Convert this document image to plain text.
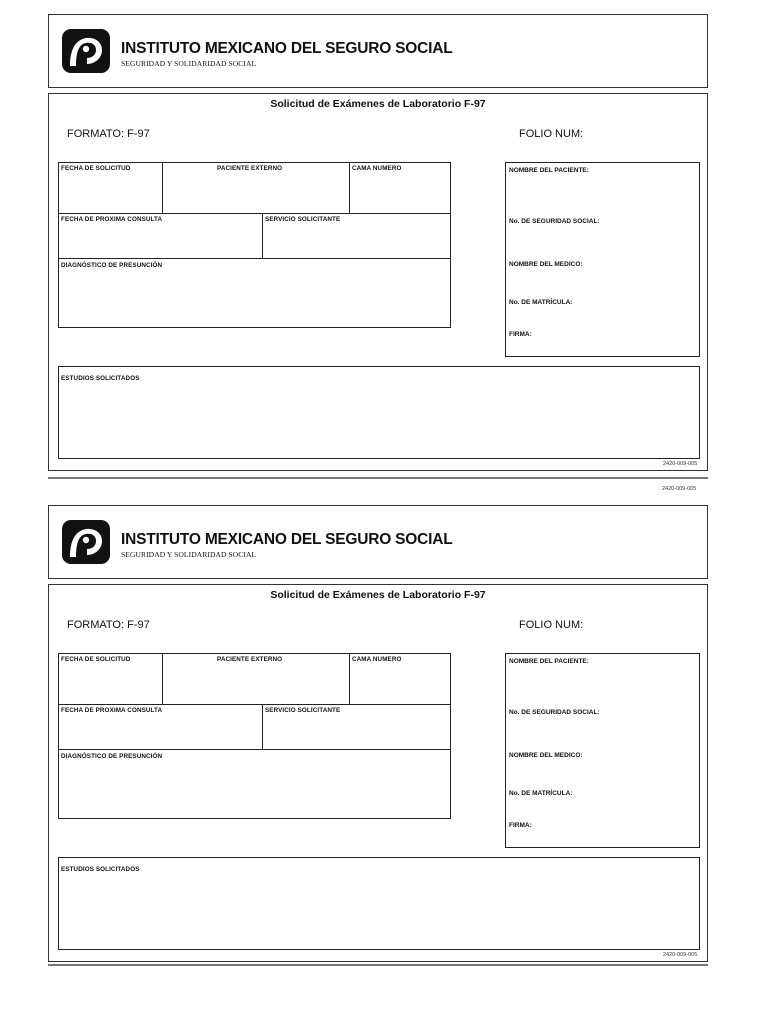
INSTITUTO MEXICANO DEL SEGURO SOCIAL
SEGURIDAD Y SOLIDARIDAD SOCIAL
Solicitud de Exámenes de Laboratorio F-97
FORMATO: F-97	FOLIO NUM:
FECHA DE SOLICITUD	PACIENTE EXTERNO	CAMA NUMERO
FECHA DE PROXIMA CONSULTA	SERVICIO SOLICITANTE
DIAGNÓSTICO DE PRESUNCIÓN
NOMBRE DEL PACIENTE:
No. DE SEGURIDAD SOCIAL:
NOMBRE DEL MEDICO:
No. DE MATRÍCULA:
FIRMA:
ESTUDIOS SOLICITADOS
2420-009-005
2420-009-005
INSTITUTO MEXICANO DEL SEGURO SOCIAL
SEGURIDAD Y SOLIDARIDAD SOCIAL
Solicitud de Exámenes de Laboratorio F-97
FORMATO: F-97	FOLIO NUM:
FECHA DE SOLICITUD	PACIENTE EXTERNO	CAMA NUMERO
FECHA DE PROXIMA CONSULTA	SERVICIO SOLICITANTE
DIAGNÓSTICO DE PRESUNCIÓN
NOMBRE DEL PACIENTE:
No. DE SEGURIDAD SOCIAL:
NOMBRE DEL MEDICO:
No. DE MATRÍCULA:
FIRMA:
ESTUDIOS SOLICITADOS
2420-009-005
